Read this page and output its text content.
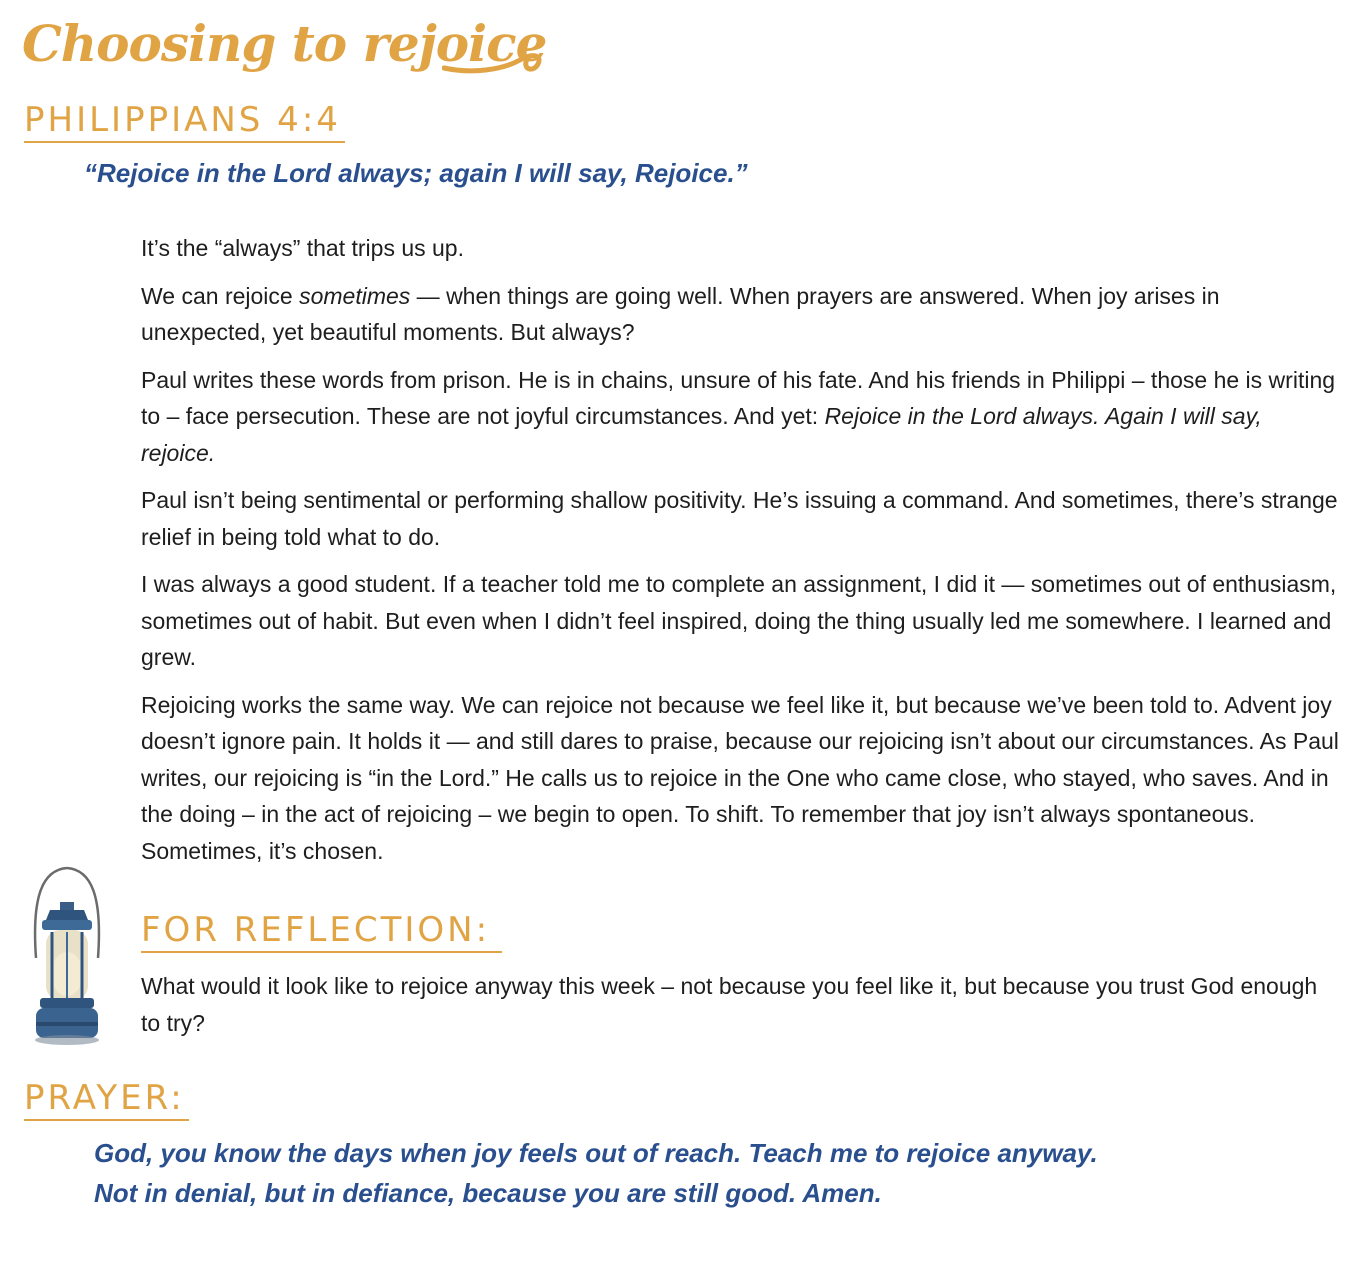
Choosing to rejoice
PHILIPPIANS 4:4
“Rejoice in the Lord always; again I will say, Rejoice.”

It’s the “always” that trips us up.

We can rejoice sometimes — when things are going well. When prayers are answered. When joy arises in unexpected, yet beautiful moments. But always?

Paul writes these words from prison. He is in chains, unsure of his fate. And his friends in Philippi – those he is writing to – face persecution. These are not joyful circumstances. And yet: Rejoice in the Lord always. Again I will say, rejoice.

Paul isn’t being sentimental or performing shallow positivity. He’s issuing a command. And sometimes, there’s strange relief in being told what to do.

I was always a good student. If a teacher told me to complete an assignment, I did it — sometimes out of enthusiasm, sometimes out of habit. But even when I didn’t feel inspired, doing the thing usually led me somewhere. I learned and grew.

Rejoicing works the same way. We can rejoice not because we feel like it, but because we’ve been told to. Advent joy doesn’t ignore pain. It holds it — and still dares to praise, because our rejoicing isn’t about our circumstances. As Paul writes, our rejoicing is “in the Lord.” He calls us to rejoice in the One who came close, who stayed, who saves. And in the doing – in the act of rejoicing – we begin to open. To shift. To remember that joy isn’t always spontaneous. Sometimes, it’s chosen.

FOR REFLECTION:

What would it look like to rejoice anyway this week – not because you feel like it, but because you trust God enough to try?

PRAYER:
God, you know the days when joy feels out of reach. Teach me to rejoice anyway.
Not in denial, but in defiance, because you are still good. Amen.
